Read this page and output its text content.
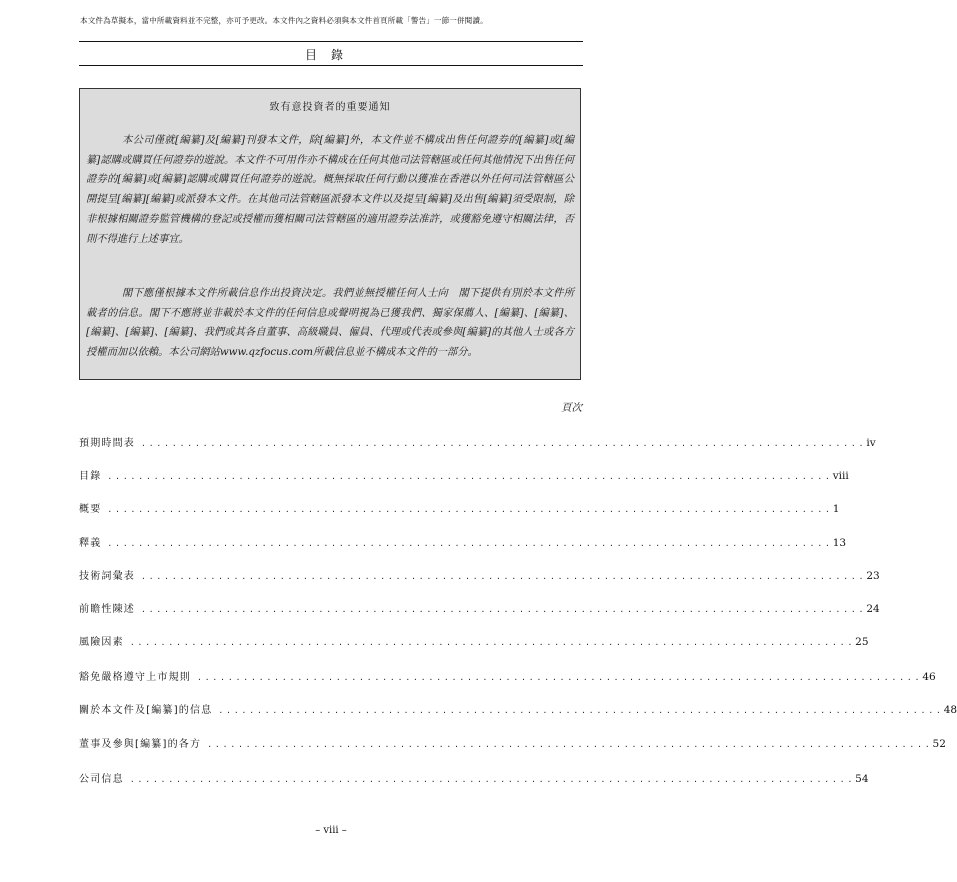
本文件為草擬本，當中所載資料並不完整，亦可予更改。本文件內之資料必須與本文件首頁所載「警告」一節一併閱讀。
目錄
致有意投資者的重要通知

本公司僅就[編纂]及[編纂]刊發本文件，除[編纂]外，本文件並不構成出售任何證券的[編纂]或[編纂]認購或購買任何證券的遊說。本文件不可用作亦不構成在任何其他司法管轄區或任何其他情況下出售任何證券的[編纂]或[編纂]認購或購買任何證券的遊說。概無採取任何行動以獲准在香港以外任何司法管轄區公開提呈[編纂][編纂]或派發本文件。在其他司法管轄區派發本文件以及提呈[編纂]及出售[編纂]須受限制，除非根據相關證券監管機構的登記或授權而獲相關司法管轄區的適用證券法准許，或獲豁免遵守相關法律，否則不得進行上述事宜。

閣下應僅根據本文件所載信息作出投資決定。我們並無授權任何人士向　閣下提供有別於本文件所載者的信息。閣下不應將並非載於本文件的任何信息或聲明視為已獲我們、獨家保薦人、[編纂]、[編纂]、[編纂]、[編纂]、[編纂]、我們或其各自董事、高級職員、僱員、代理或代表或參與[編纂]的其他人士或各方授權而加以依賴。本公司網站www.qzfocus.com所載信息並不構成本文件的一部分。

頁次
預期時間表 .............................................................................................. iv
目錄 .............................................................................................. viii
概要 .............................................................................................. 1
釋義 .............................................................................................. 13
技術詞彙表 .............................................................................................. 23
前瞻性陳述 .............................................................................................. 24
風險因素 .............................................................................................. 25
豁免嚴格遵守上市規則 .............................................................................................. 46
關於本文件及[編纂]的信息 .............................................................................................. 48
董事及參與[編纂]的各方 .............................................................................................. 52
公司信息 .............................................................................................. 54
– viii –
